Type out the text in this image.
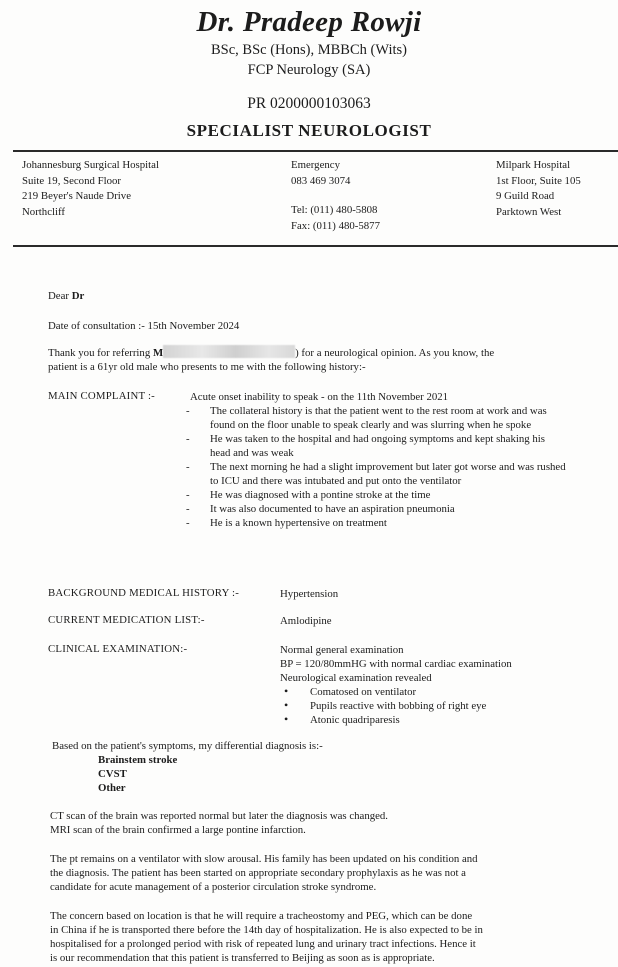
Dr. Pradeep Rowji
BSc, BSc (Hons), MBBCh (Wits)
FCP Neurology (SA)
PR 0200000103063
SPECIALIST NEUROLOGIST
Johannesburg Surgical Hospital
Suite 19, Second Floor
219 Beyer's Naude Drive
Northcliff
Emergency
083 469 3074
Tel: (011) 480-5808
Fax: (011) 480-5877
Milpark Hospital
1st Floor, Suite 105
9 Guild Road
Parktown West
Dear Dr
Date of consultation :- 15th November 2024
Thank you for referring M	) for a neurological opinion. As you know, the
patient is a 61yr old male who presents to me with the following history:-
MAIN COMPLAINT :-	Acute onset inability to speak - on the 11th November 2021
- The collateral history is that the patient went to the rest room at work and was found on the floor unable to speak clearly and was slurring when he spoke
- He was taken to the hospital and had ongoing symptoms and kept shaking his head and was weak
- The next morning he had a slight improvement but later got worse and was rushed to ICU and there was intubated and put onto the ventilator
- He was diagnosed with a pontine stroke at the time
- It was also documented to have an aspiration pneumonia
- He is a known hypertensive on treatment
BACKGROUND MEDICAL HISTORY :-	Hypertension
CURRENT MEDICATION LIST:-	Amlodipine
CLINICAL EXAMINATION:-	Normal general examination
BP = 120/80mmHG with normal cardiac examination
Neurological examination revealed
• Comatosed on ventilator
• Pupils reactive with bobbing of right eye
• Atonic quadriparesis
Based on the patient's symptoms, my differential diagnosis is:-
Brainstem stroke
CVST
Other
CT scan of the brain was reported normal but later the diagnosis was changed.
MRI scan of the brain confirmed a large pontine infarction.
The pt remains on a ventilator with slow arousal. His family has been updated on his condition and
the diagnosis. The patient has been started on appropriate secondary prophylaxis as he was not a
candidate for acute management of a posterior circulation stroke syndrome.
The concern based on location is that he will require a tracheostomy and PEG, which can be done
in China if he is transported there before the 14th day of hospitalization. He is also expected to be in
hospitalised for a prolonged period with risk of repeated lung and urinary tract infections. Hence it
is our recommendation that this patient is transferred to Beijing as soon as is appropriate.
